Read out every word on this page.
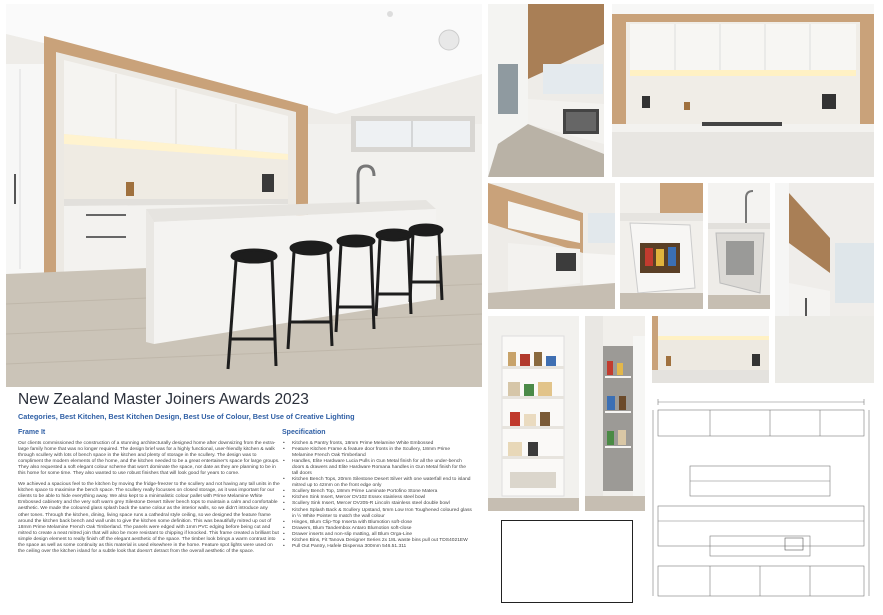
New Zealand Master Joiners Awards 2023
Categories, Best Kitchen, Best Kitchen Design, Best Use of Colour, Best Use of Creative Lighting
Frame It

Our clients commissioned the construction of a stunning architecturally designed home after downsizing from the extra-large family home that was no longer required. The design brief was for a highly functional, user-friendly kitchen & walk through scullery with lots of bench space in the kitchen and plenty of storage in the scullery. The design was to compliment the modern elements of the home, and the kitchen needed to be a great entertainer's space for large groups. They also requested a soft elegant colour scheme that won't dominate the space, nor date as they are planning to be in this home for some time. They also wanted to use robust finishes that will look good for years to come.

We achieved a spacious feel to the kitchen by moving the fridge-freezer to the scullery and not having any tall units in the kitchen space to maximise the bench space. The scullery really focusses on closed storage, as it was important for our clients to be able to hide everything away. We also kept to a minimalistic colour pallet with Prime Melamine White Embossed cabinetry and the very soft warm grey Silestone Desert Silver bench tops to maintain a calm and comfortable aesthetic. We made the coloured glass splash back the same colour as the interior walls, so we didn't introduce any other tones. Through the kitchen, dining, living space runs a cathedral style ceiling, so we designed the feature frame around the kitchen back bench and wall units to give the kitchen some definition. This was beautifully mitred up out of 18mm Prime Melamine French Oak Timberland. The panels were edged with 1mm PVC edging before being cut and mitred to create a neat mitred join that will also be more resistant to chipping if knocked. This frame created a brilliant but simple design element to really finish off the elegant aesthetic of the space. The timber look brings a warm contrast into the space as well as some continuity as this material is used elsewhere in the home. Feature spot lights were used on the ceiling over the kitchen island for a subtle look that doesn't detract from the overall aesthetic of the space.

Specification
• Kitchen & Pantry fronts, 18mm Prime Melamine White Embossed
• Feature Kitchen Frame & feature door fronts in the Scullery, 18mm Prime Melamine French Oak Timberland
• Handles, Elite Hardware Lucia Pulls in Gun Metal finish for all the under-bench doors & drawers and Elite Hardware Romana handles in Gun Metal finish for the tall doors
• Kitchen Bench Tops, 20mm Silestone Desert Silver with one waterfall end to island mitred up to 42mm on the front edge only
• Scullery Bench Top, 18mm Prime Laminate Portofino Stone Matera
• Kitchen Sink Insert, Mercer DV102 Essex stainless steel bowl
• Scullery Sink Insert, Mercer DV205-R Lincoln stainless steel double bowl
• Kitchen Splash Back & Scullery Upstand, 5mm Low Iron Toughened coloured glass in ½ White Pointer to match the wall colour
• Hinges, Blum Clip-Top Inserta with Blumotion soft-close
• Drawers, Blum Tandembox Antaro Blumotion soft-close
• Drawer inserts and non-slip matting, all Blum Orga-Line
• Kitchen Bins, Fit Tanova Designer Series 2x 18L waste bins pull out TDS4021EW
• Pull Out Pantry, Hafele Dispensa 300mm 546.51.311
